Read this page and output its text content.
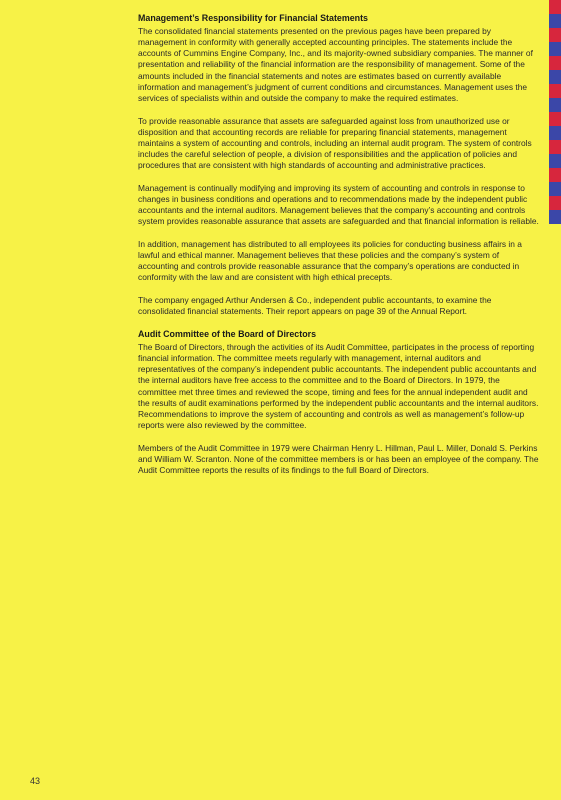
Management’s Responsibility for Financial Statements

The consolidated financial statements presented on the previous pages have been prepared by management in conformity with generally accepted accounting principles. The statements include the accounts of Cummins Engine Company, Inc., and its majority-owned subsidiary companies. The manner of presentation and reliability of the financial information are the responsibility of management. Some of the amounts included in the financial statements and notes are estimates based on currently available information and management’s judgment of current conditions and circumstances. Management uses the services of specialists within and outside the company to make the required estimates.

To provide reasonable assurance that assets are safeguarded against loss from unauthorized use or disposition and that accounting records are reliable for preparing financial statements, management maintains a system of accounting and controls, including an internal audit program. The system of controls includes the careful selection of people, a division of responsibilities and the application of policies and procedures that are consistent with high standards of accounting and administrative practices.

Management is continually modifying and improving its system of accounting and controls in response to changes in business conditions and operations and to recommendations made by the independent public accountants and the internal auditors. Management believes that the company’s accounting and controls system provides reasonable assurance that assets are safeguarded and that financial information is reliable.

In addition, management has distributed to all employees its policies for conducting business affairs in a lawful and ethical manner. Management believes that these policies and the company’s system of accounting and controls provide reasonable assurance that the company’s operations are conducted in conformity with the law and are consistent with high ethical precepts.

The company engaged Arthur Andersen & Co., independent public accountants, to examine the consolidated financial statements. Their report appears on page 39 of the Annual Report.

Audit Committee of the Board of Directors

The Board of Directors, through the activities of its Audit Committee, participates in the process of reporting financial information. The committee meets regularly with management, internal auditors and representatives of the company’s independent public accountants. The independent public accountants and the internal auditors have free access to the committee and to the Board of Directors. In 1979, the committee met three times and reviewed the scope, timing and fees for the annual independent audit and the results of audit examinations performed by the independent public accountants and the internal auditors. Recommendations to improve the system of accounting and controls as well as management’s follow-up reports were also reviewed by the committee.

Members of the Audit Committee in 1979 were Chairman Henry L. Hillman, Paul L. Miller, Donald S. Perkins and William W. Scranton. None of the committee members is or has been an employee of the company. The Audit Committee reports the results of its findings to the full Board of Directors.

43
